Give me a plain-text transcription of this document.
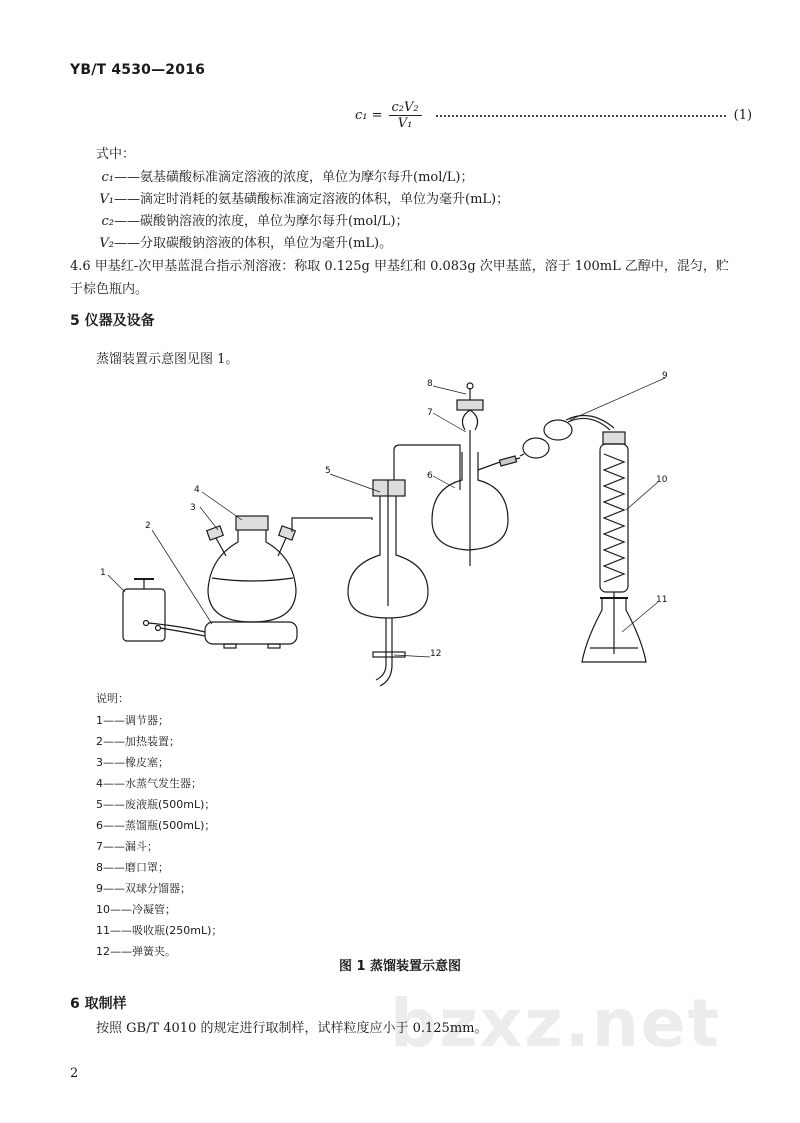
YB/T 4530—2016
$c_1 = \frac{\text{c₂V₂}}{\text{V₁}}$	(1)
式中：
c₁——氨基磺酸标准滴定溶液的浓度，单位为摩尔每升(mol/L)；
V₁——滴定时消耗的氨基磺酸标准滴定溶液的体积，单位为毫升(mL)；
c₂——碳酸钠溶液的浓度，单位为摩尔每升(mol/L)；
V₂——分取碳酸钠溶液的体积，单位为毫升(mL)。
4.6 甲基红-次甲基蓝混合指示剂溶液：称取 0.125g 甲基红和 0.083g 次甲基蓝，溶于 100mL 乙醇中，混匀，贮于棕色瓶内。
5 仪器及设备
蒸馏装置示意图见图 1。
1
2
3
4
5	6
7
8
9
10
11
12
说明：
1——调节器；
2——加热装置；
3——橡皮塞；
4——水蒸气发生器；
5——废液瓶(500mL)；
6——蒸馏瓶(500mL)；
7——漏斗；
8——磨口罩；
9——双球分馏器；
10——冷凝管；
11——吸收瓶(250mL)；
12——弹簧夹。
图 1 蒸馏装置示意图
bzxz.net
6 取制样
按照 GB/T 4010 的规定进行取制样，试样粒度应小于 0.125mm。
2
